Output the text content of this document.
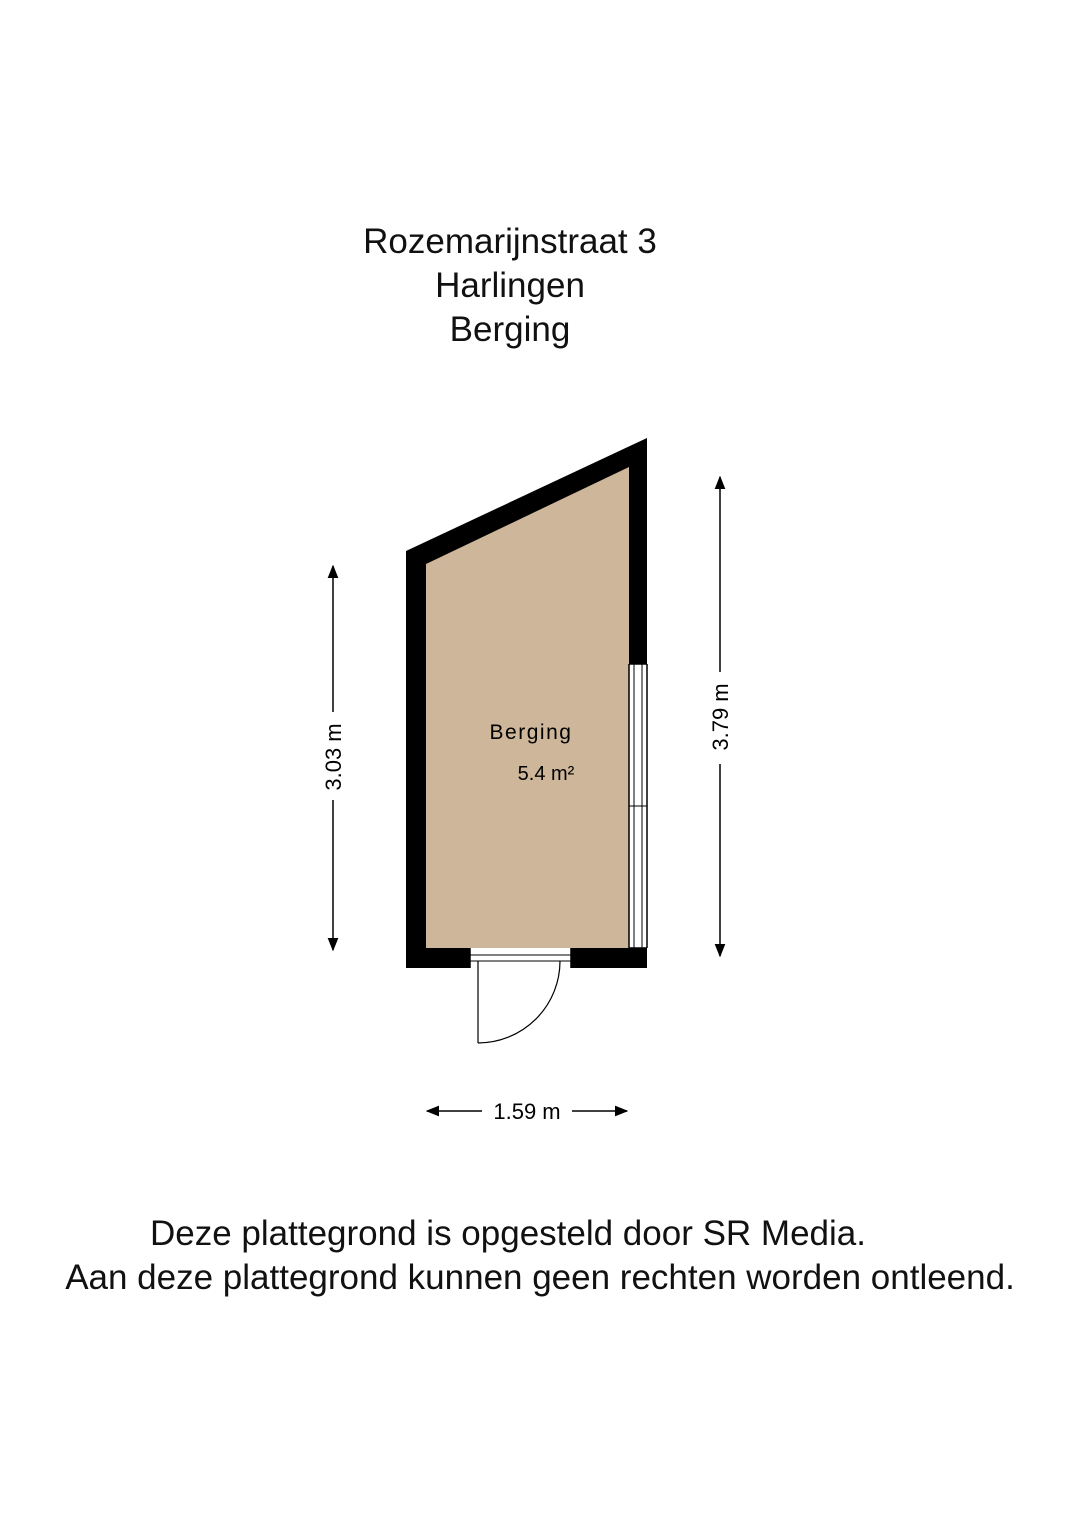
Rozemarijnstraat 3
Harlingen
Berging
Berging
5.4 m²
3.03 m
3.79 m
1.59 m
Deze plattegrond is opgesteld door SR Media.
Aan deze plattegrond kunnen geen rechten worden ontleend.
